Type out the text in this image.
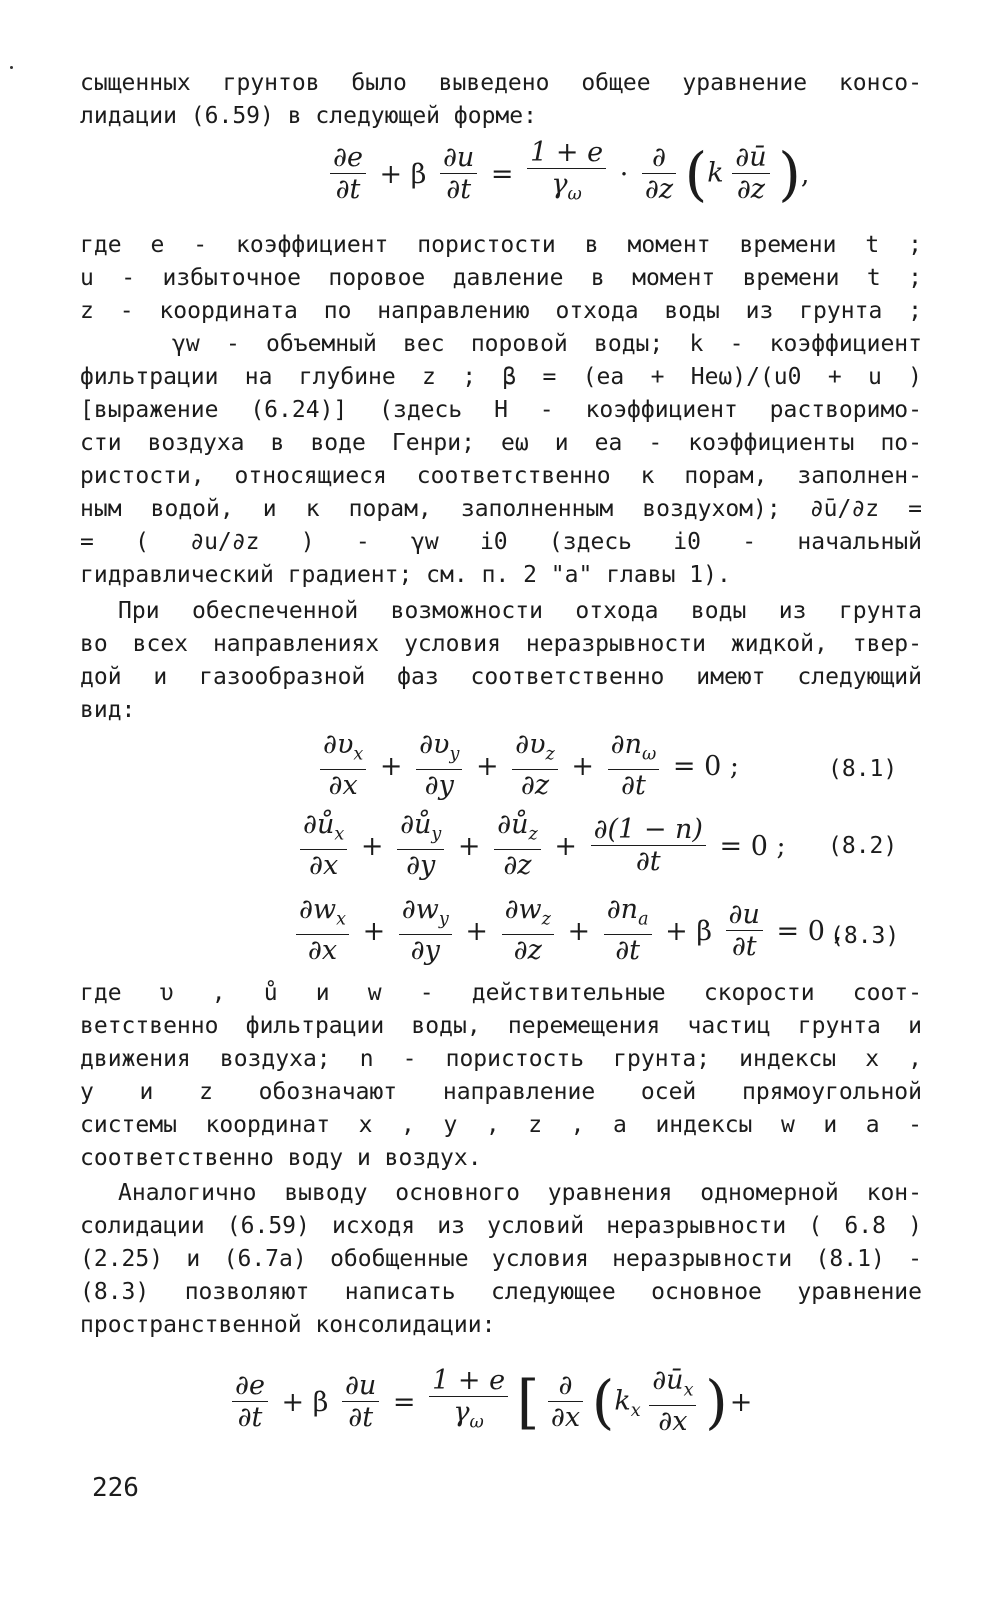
сыщенных грунтов было выведено общее уравнение консо-
лидации (6.59) в следующей форме:
$\frac{\partial e}{\partial t} + \beta \frac{\partial u}{\partial t} = \frac{1 + e}{\gamma_\omega} \cdot \frac{\partial}{\partial z} (k \frac{\partial ū}{\partial z}$ ),
где е - коэффициент пористости в момент времени t ;
u - избыточное поровое давление в момент времени t ;
z - координата по направлению отхода воды из грунта ;
γw - объемный вес поровой воды; k - коэффициент
фильтрации на глубине z ; β = (еa + Heω)/(u0 + u )
[выражение (6.24)] (здесь H - коэффициент растворимо-
сти воздуха в воде Генри; еω и еa - коэффициенты по-
ристости, относящиеся соответственно к порам, заполнен-
ным водой, и к порам, заполненным воздухом); ∂ū/∂z =
= ( ∂u/∂z ) - γw i0 (здесь i0 - начальный
гидравлический градиент; см. п. 2 "а" главы 1).
При обеспеченной возможности отхода воды из грунта
во всех направлениях условия неразрывности жидкой, твер-
дой и газообразной фаз соответственно имеют следующий
вид:
$\frac{\partial\upsilon_x}{\partial x} + \frac{\partial\upsilon_y}{\partial y} + \frac{\partial\upsilon_z}{\partial z} + \frac{\partial n_\omega}{\partial t} = 0$ ;	(8.1)
$\frac{\partial ů_x}{\partial x} + \frac{\partial ů_y}{\partial y} + \frac{\partial ů_z}{\partial z} + \frac{\partial(1 - n)}{\partial t} = 0$ ; (8.2)
$\frac{\partial w_x}{\partial x} + \frac{\partial w_y}{\partial y} + \frac{\partial w_z}{\partial z} + \frac{\partial n_a}{\partial t} + \beta \frac{\partial u}{\partial t} = 0$ ,
(8.3)
где υ , ů и w - действительные скорости соот-
ветственно фильтрации воды, перемещения частиц грунта и
движения воздуха; n - пористость грунта; индексы x ,
y и z обозначают направление осей прямоугольной
системы координат x , y , z , а индексы w и a -
соответственно воду и воздух.
Аналогично выводу основного уравнения одномерной кон-
солидации (6.59) исходя из условий неразрывности ( 6.8 )
(2.25) и (6.7a) обобщенные условия неразрывности (8.1) -
(8.3) позволяют написать следующее основное уравнение
пространственной консолидации:
$\frac{\partial e}{\partial t} + \beta \frac{\partial u}{\partial t} = \frac{1 + e}{\gamma_\omega}$ [ $\frac{\partial}{\partial x} (k_x \frac{\partial ū_x}{\partial x}$ )+
226
